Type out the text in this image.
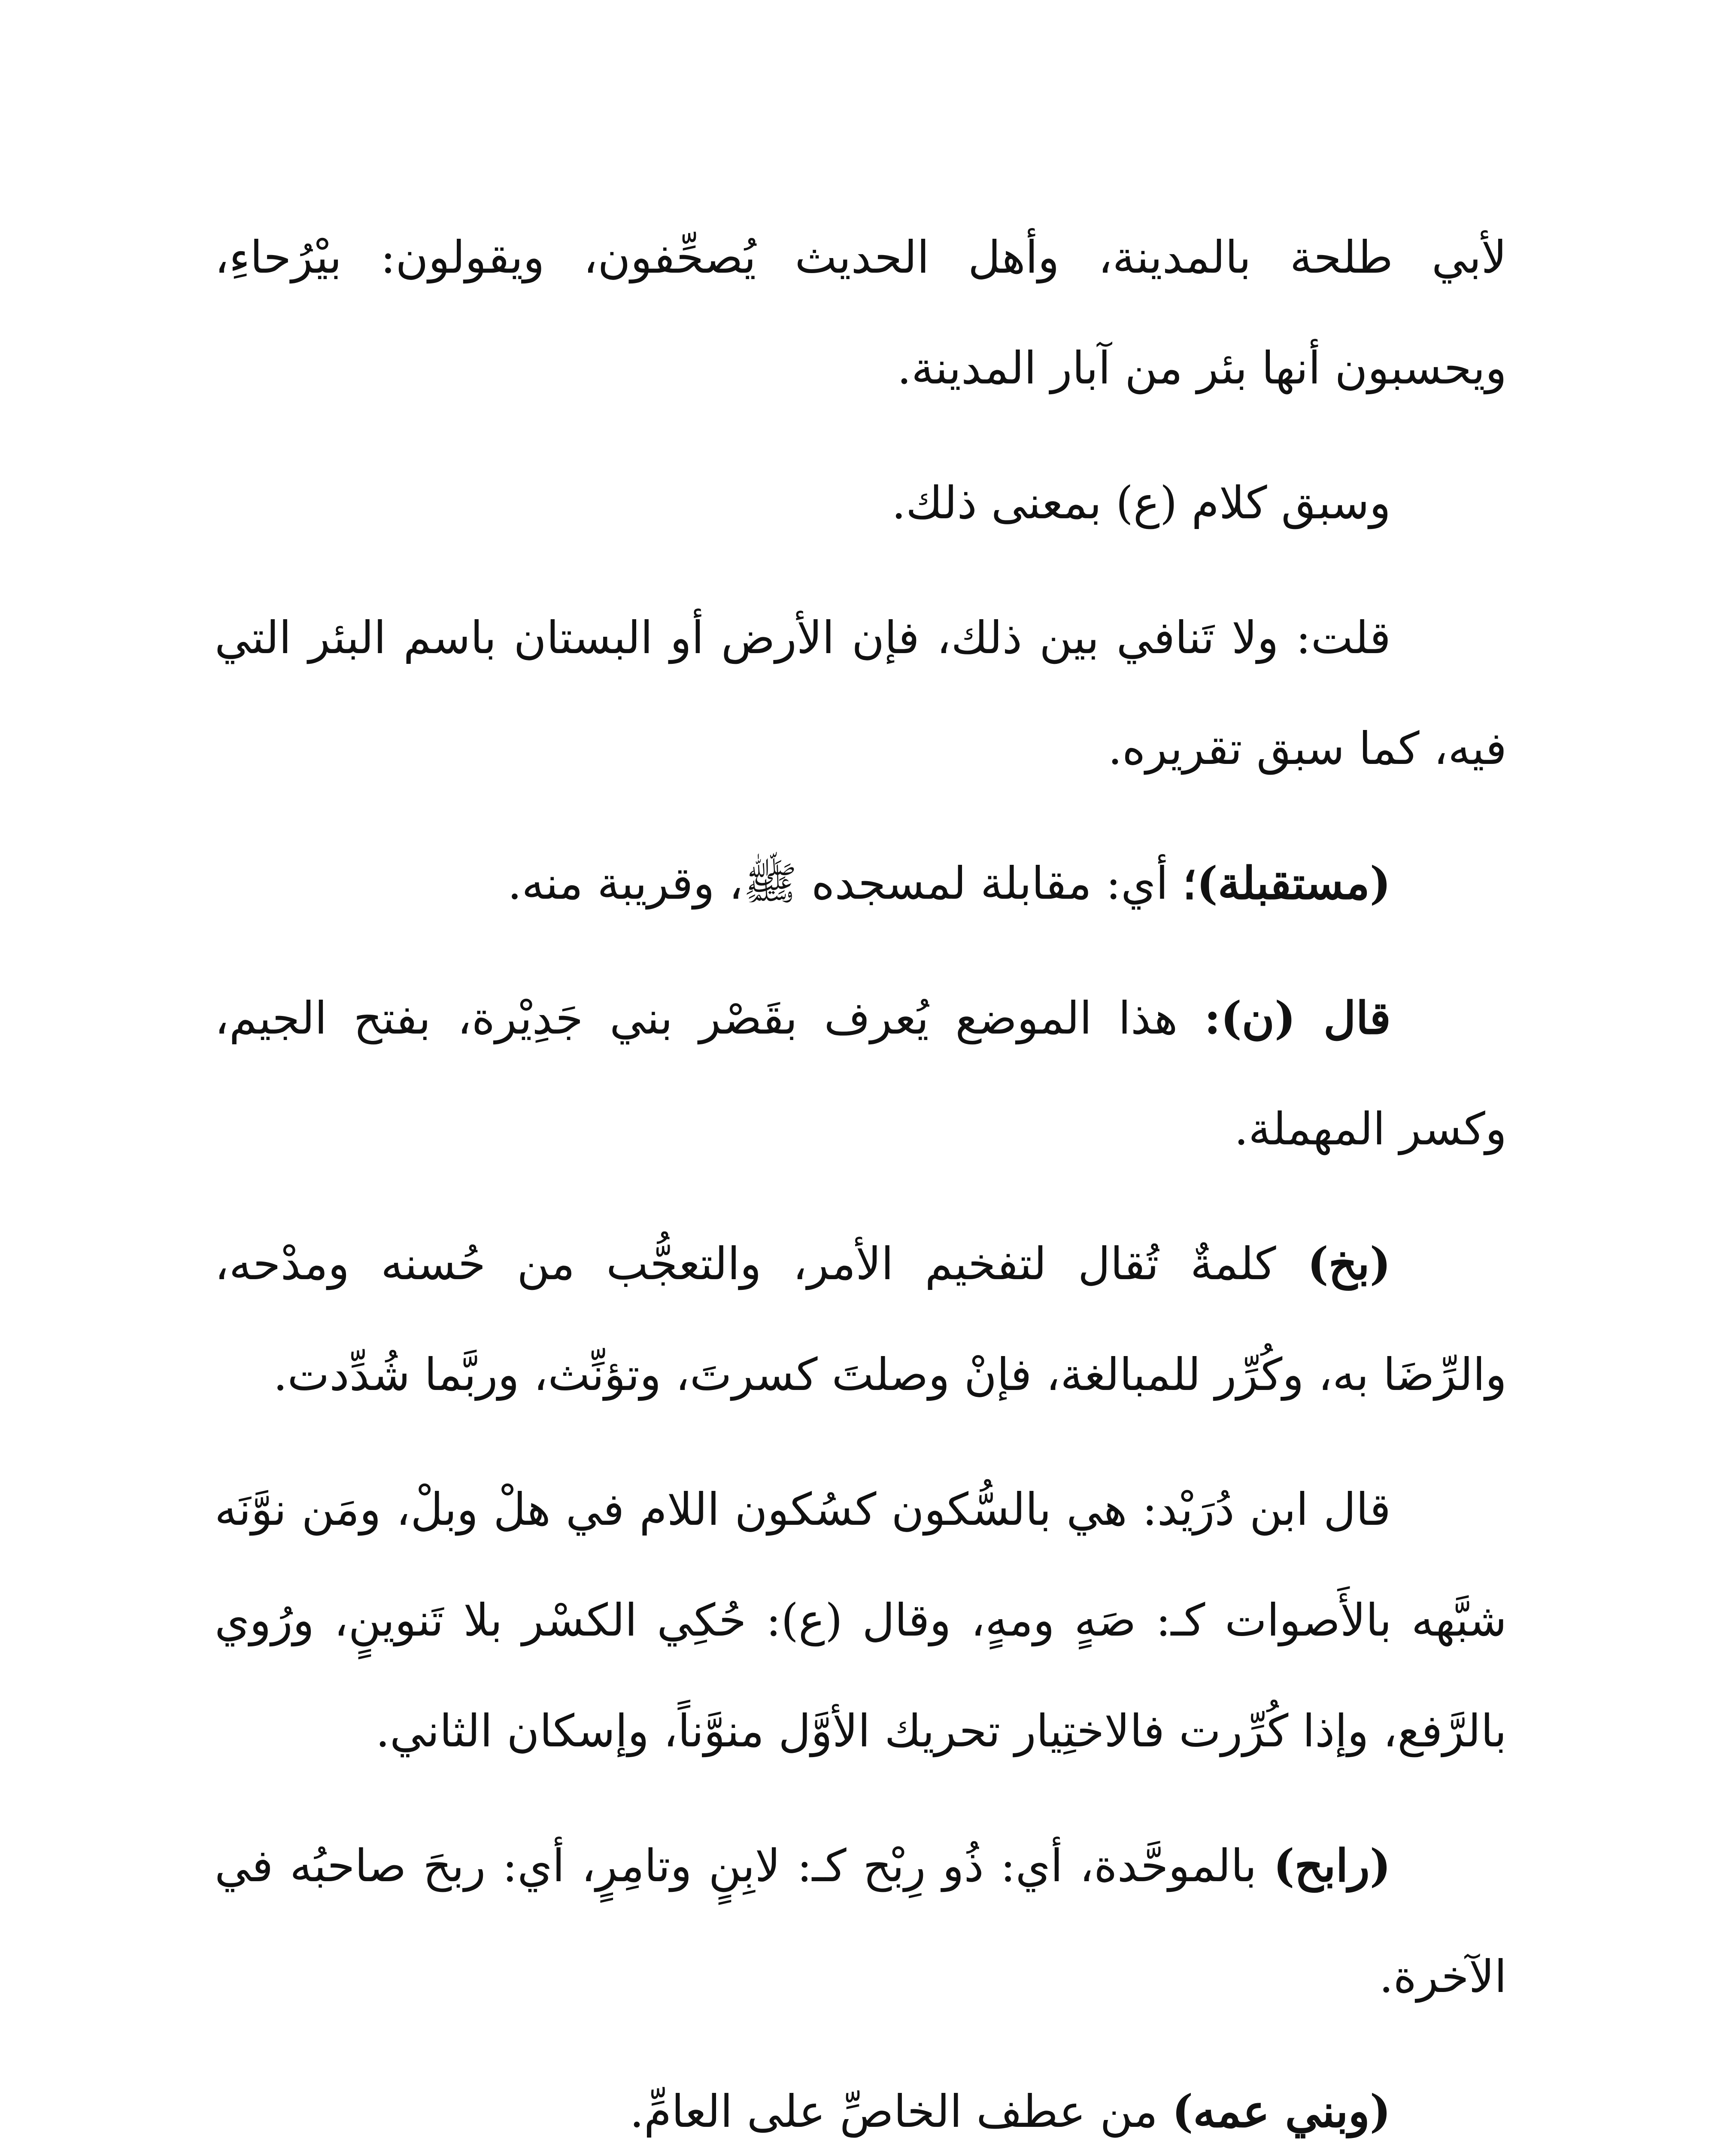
لأبي طلحة بالمدينة، وأهل الحديث يُصحِّفون، ويقولون: بيْرُحاءِ، ويحسبون أنها بئر من آبار المدينة.

وسبق كلام (ع) بمعنى ذلك.

قلت: ولا تَنافي بين ذلك، فإن الأرض أو البستان باسم البئر التي فيه، كما سبق تقريره.

(مستقبلة)؛ أي: مقابلة لمسجده ﷺ، وقريبة منه.

قال (ن): هذا الموضع يُعرف بقَصْر بني جَدِيْرة، بفتح الجيم، وكسر المهملة.

(بخ) كلمةٌ تُقال لتفخيم الأمر، والتعجُّب من حُسنه ومدْحه، والرِّضَا به، وكُرِّر للمبالغة، فإنْ وصلتَ كسرتَ، وتؤنِّث، وربَّما شُدِّدت.

قال ابن دُرَيْد: هي بالسُّكون كسُكون اللام في هلْ وبلْ، ومَن نوَّنَه شبَّهه بالأَصوات كـ: صَهٍ ومهٍ، وقال (ع): حُكِي الكسْر بلا تَنوينٍ، ورُوي بالرَّفع، وإذا كُرِّرت فالاختِيار تحريك الأوَّل منوَّناً، وإسكان الثاني.

(رابح) بالموحَّدة، أي: ذُو رِبْح كـ: لابِنٍ وتامِرٍ، أي: ربحَ صاحبُه في الآخرة.

(وبني عمه) من عطف الخاصِّ على العامِّ.
